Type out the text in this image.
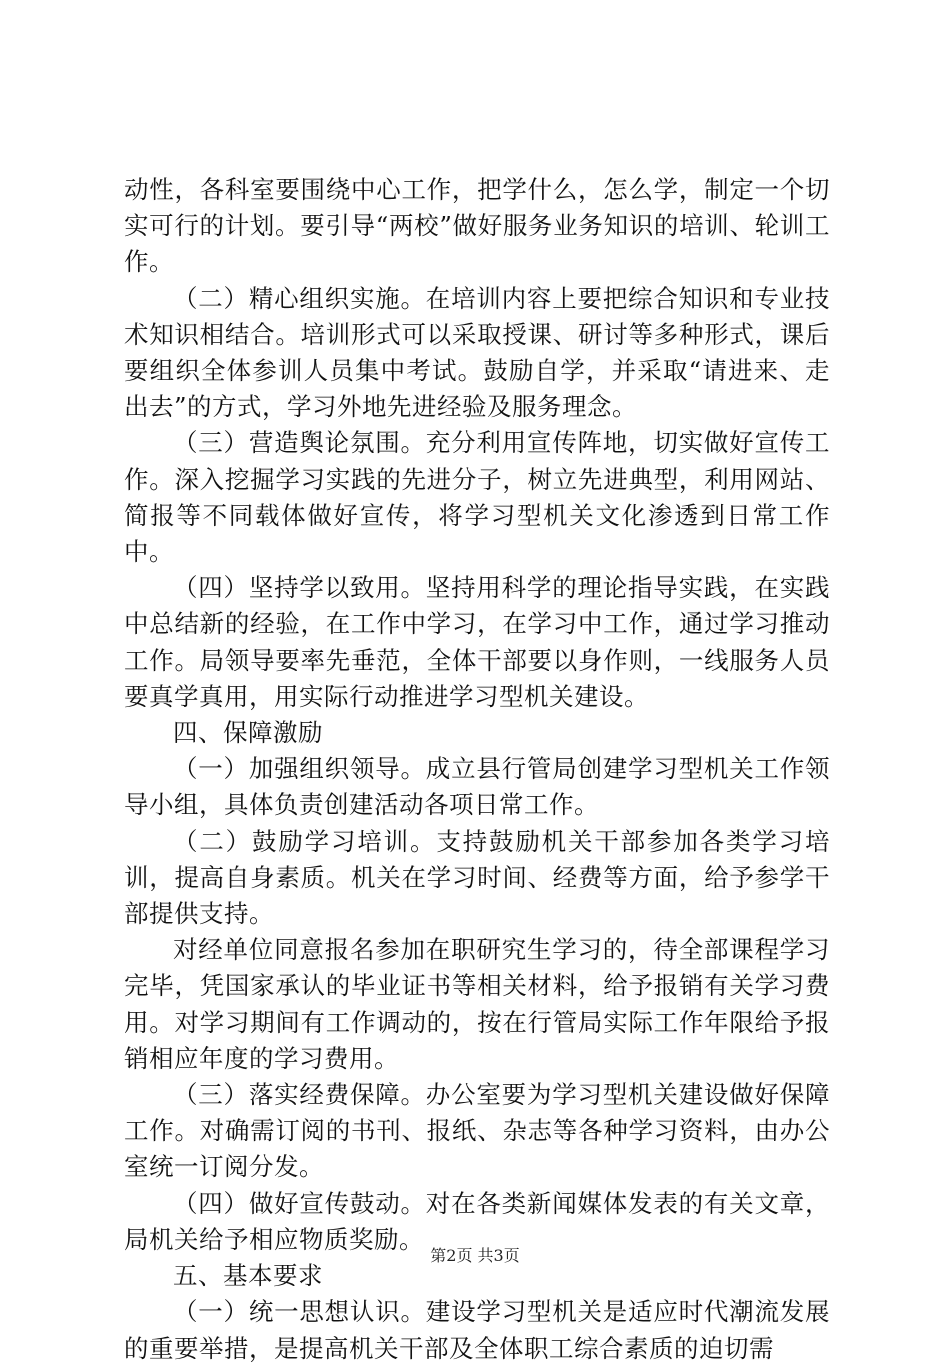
动性，各科室要围绕中心工作，把学什么，怎么学，制定一个切实可行的计划。要引导“两校”做好服务业务知识的培训、轮训工作。

（二）精心组织实施。在培训内容上要把综合知识和专业技术知识相结合。培训形式可以采取授课、研讨等多种形式，课后要组织全体参训人员集中考试。鼓励自学，并采取“请进来、走出去”的方式，学习外地先进经验及服务理念。

（三）营造舆论氛围。充分利用宣传阵地，切实做好宣传工作。深入挖掘学习实践的先进分子，树立先进典型，利用网站、简报等不同载体做好宣传，将学习型机关文化渗透到日常工作中。

（四）坚持学以致用。坚持用科学的理论指导实践，在实践中总结新的经验，在工作中学习，在学习中工作，通过学习推动工作。局领导要率先垂范，全体干部要以身作则，一线服务人员要真学真用，用实际行动推进学习型机关建设。

四、保障激励

（一）加强组织领导。成立县行管局创建学习型机关工作领导小组，具体负责创建活动各项日常工作。

（二）鼓励学习培训。支持鼓励机关干部参加各类学习培训，提高自身素质。机关在学习时间、经费等方面，给予参学干部提供支持。

对经单位同意报名参加在职研究生学习的，待全部课程学习完毕，凭国家承认的毕业证书等相关材料，给予报销有关学习费用。对学习期间有工作调动的，按在行管局实际工作年限给予报销相应年度的学习费用。

（三）落实经费保障。办公室要为学习型机关建设做好保障工作。对确需订阅的书刊、报纸、杂志等各种学习资料，由办公室统一订阅分发。

（四）做好宣传鼓动。对在各类新闻媒体发表的有关文章，局机关给予相应物质奖励。

五、基本要求

（一）统一思想认识。建设学习型机关是适应时代潮流发展的重要举措，是提高机关干部及全体职工综合素质的迫切需

第2页 共3页
